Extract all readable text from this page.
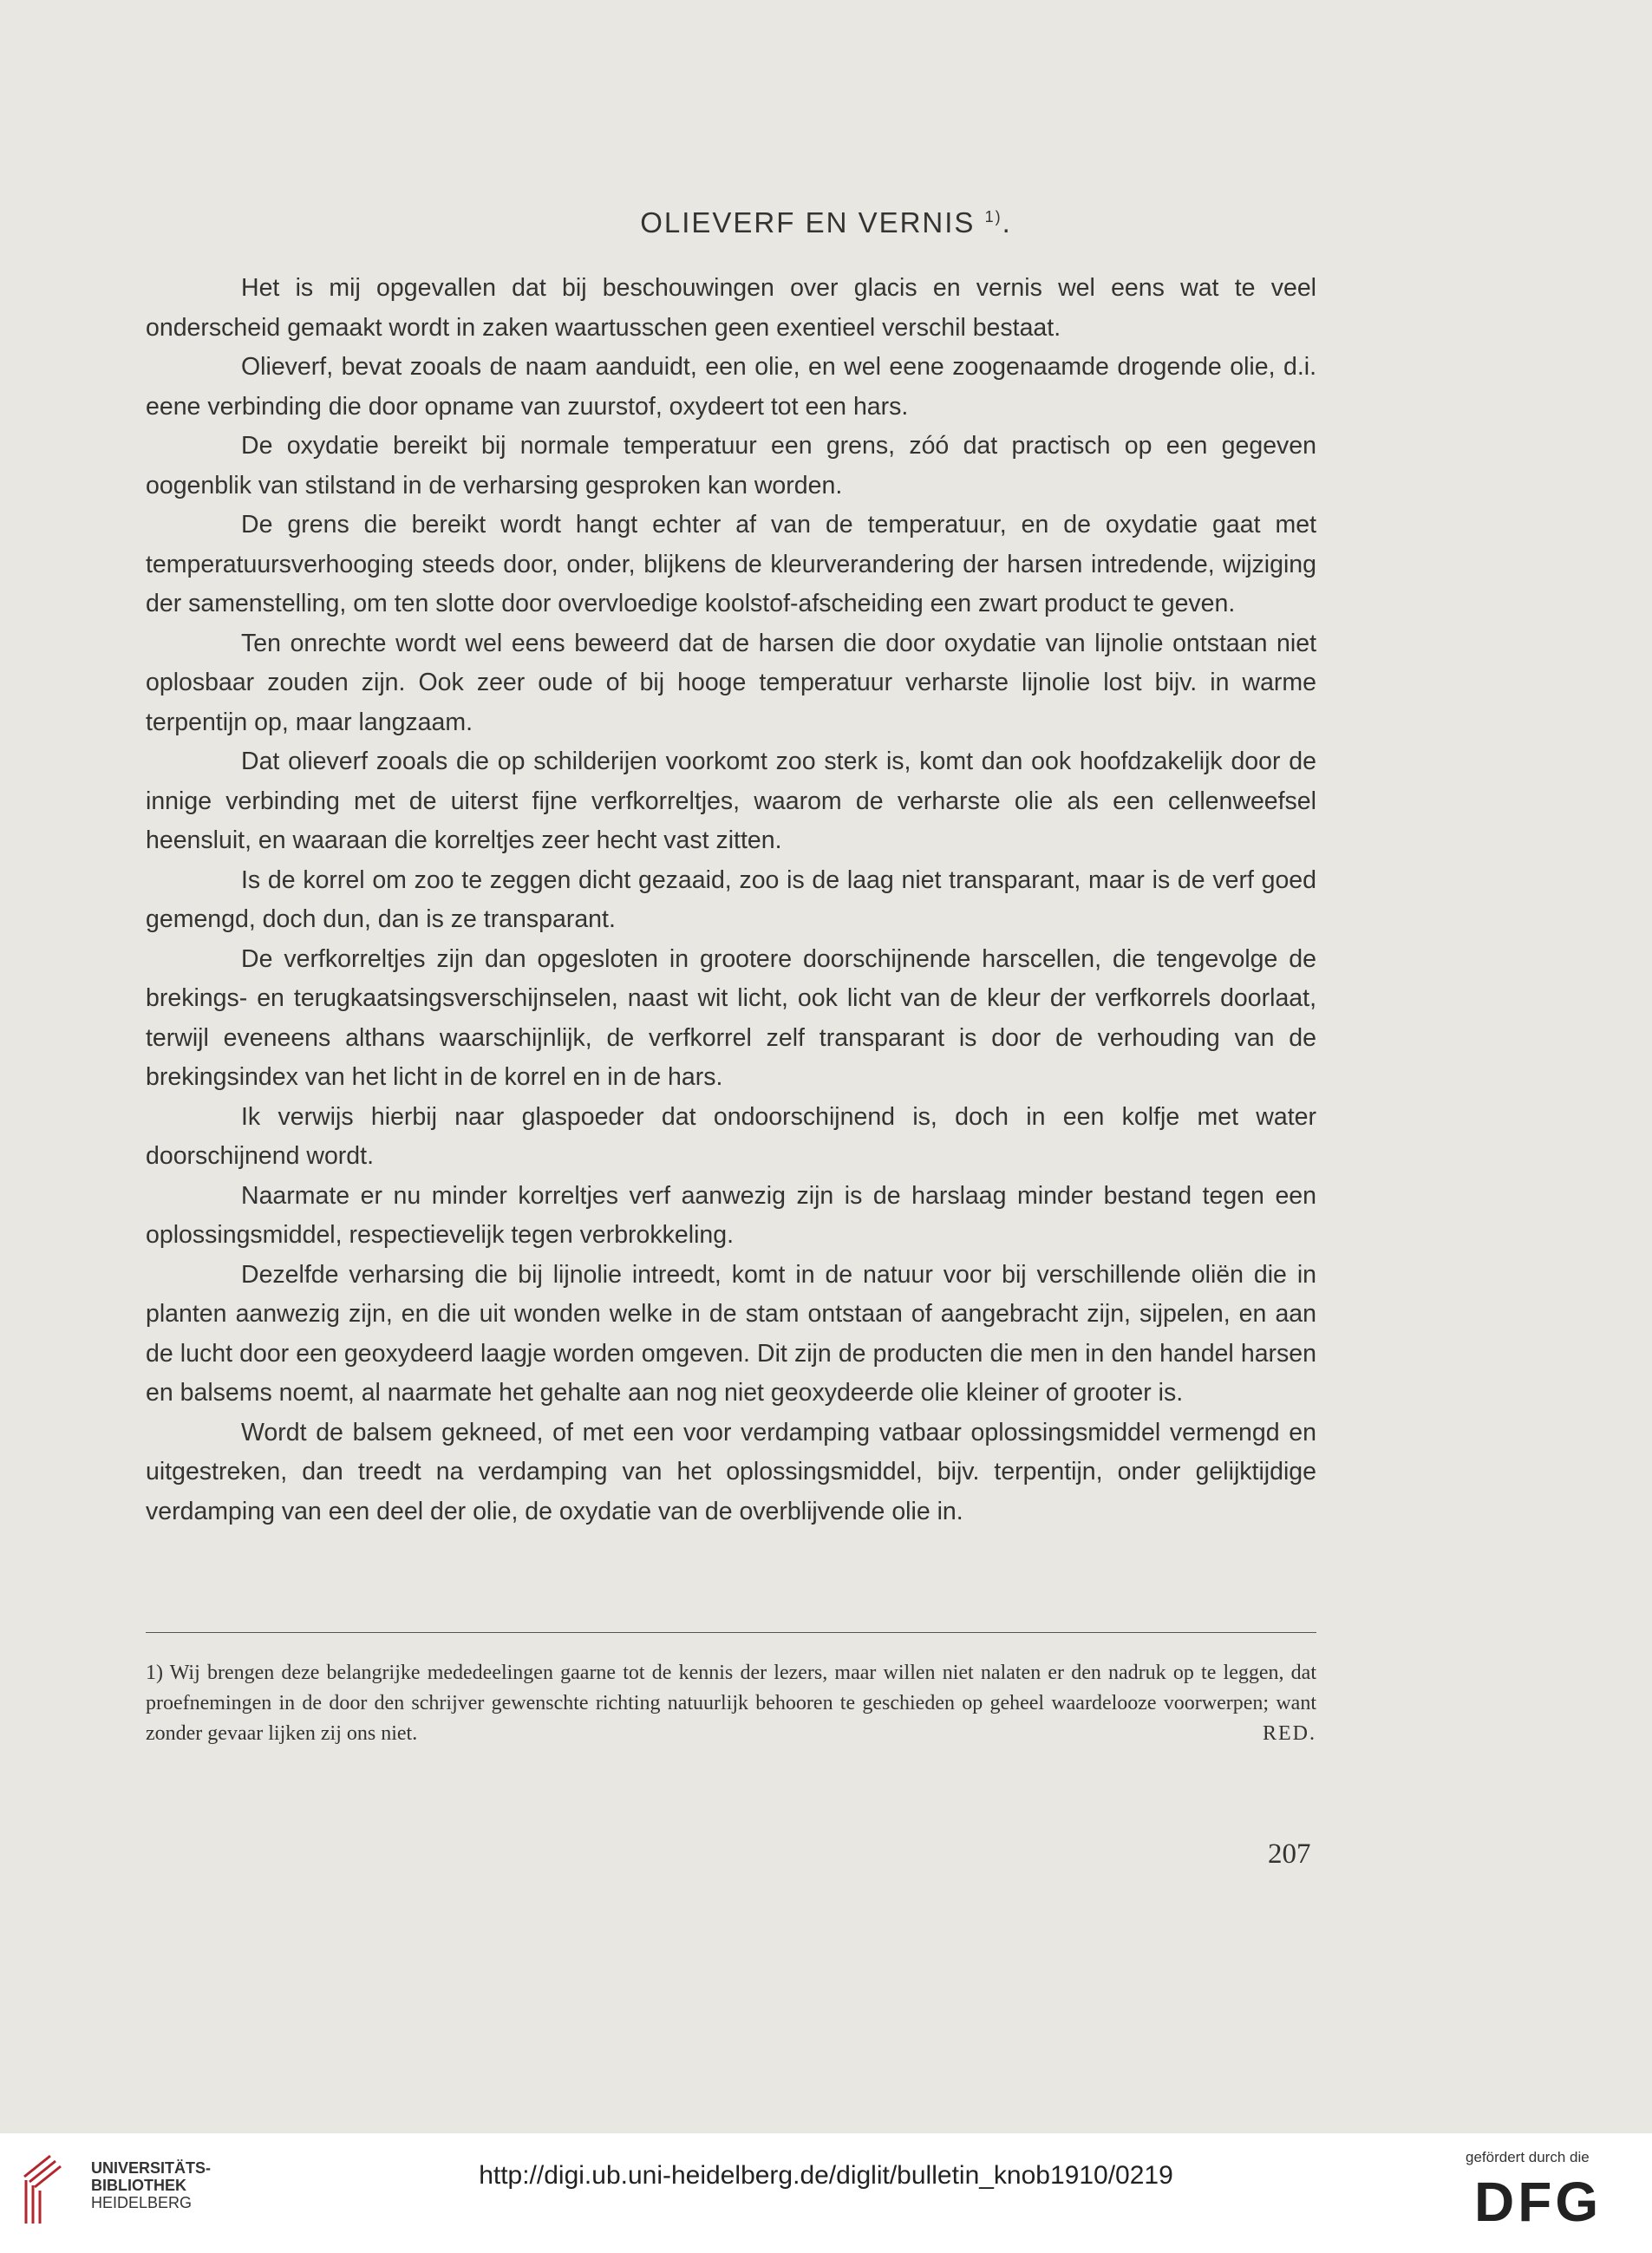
OLIEVERF EN VERNIS $^{1)}$.

Het is mij opgevallen dat bij beschouwingen over glacis en vernis wel eens wat te veel onderscheid gemaakt wordt in zaken waartusschen geen exentieel verschil bestaat.

Olieverf, bevat zooals de naam aanduidt, een olie, en wel eene zoogenaamde drogende olie, d.i. eene verbinding die door opname van zuurstof, oxydeert tot een hars.

De oxydatie bereikt bij normale temperatuur een grens, zóó dat practisch op een gegeven oogenblik van stilstand in de verharsing gesproken kan worden.

De grens die bereikt wordt hangt echter af van de temperatuur, en de oxydatie gaat met temperatuursverhooging steeds door, onder, blijkens de kleurverandering der harsen intredende, wijziging der samenstelling, om ten slotte door overvloedige koolstof-afscheiding een zwart product te geven.

Ten onrechte wordt wel eens beweerd dat de harsen die door oxydatie van lijnolie ontstaan niet oplosbaar zouden zijn. Ook zeer oude of bij hooge temperatuur verharste lijnolie lost bijv. in warme terpentijn op, maar langzaam.

Dat olieverf zooals die op schilderijen voorkomt zoo sterk is, komt dan ook hoofdzakelijk door de innige verbinding met de uiterst fijne verfkorreltjes, waarom de verharste olie als een cellenweefsel heensluit, en waaraan die korreltjes zeer hecht vast zitten.

Is de korrel om zoo te zeggen dicht gezaaid, zoo is de laag niet transparant, maar is de verf goed gemengd, doch dun, dan is ze transparant.

De verfkorreltjes zijn dan opgesloten in grootere doorschijnende harscellen, die tengevolge de brekings- en terugkaatsingsverschijnselen, naast wit licht, ook licht van de kleur der verfkorrels doorlaat, terwijl eveneens althans waarschijnlijk, de verfkorrel zelf transparant is door de verhouding van de brekingsindex van het licht in de korrel en in de hars.

Ik verwijs hierbij naar glaspoeder dat ondoorschijnend is, doch in een kolfje met water doorschijnend wordt.

Naarmate er nu minder korreltjes verf aanwezig zijn is de harslaag minder bestand tegen een oplossingsmiddel, respectievelijk tegen verbrokkeling.

Dezelfde verharsing die bij lijnolie intreedt, komt in de natuur voor bij verschillende oliën die in planten aanwezig zijn, en die uit wonden welke in de stam ontstaan of aangebracht zijn, sijpelen, en aan de lucht door een geoxydeerd laagje worden omgeven. Dit zijn de producten die men in den handel harsen en balsems noemt, al naarmate het gehalte aan nog niet geoxydeerde olie kleiner of grooter is.

Wordt de balsem gekneed, of met een voor verdamping vatbaar oplossingsmiddel vermengd en uitgestreken, dan treedt na verdamping van het oplossingsmiddel, bijv. terpentijn, onder gelijktijdige verdamping van een deel der olie, de oxydatie van de overblijvende olie in.

1) Wij brengen deze belangrijke mededeelingen gaarne tot de kennis der lezers, maar willen niet nalaten er den nadruk op te leggen, dat proefnemingen in de door den schrijver gewenschte richting natuurlijk behooren te geschieden op geheel waardelooze voorwerpen; want zonder gevaar lijken zij ons niet.	RED.
207
UNIVERSITÄTS-
BIBLIOTHEK
HEIDELBERG
http://digi.ub.uni-heidelberg.de/diglit/bulletin_knob1910/0219
gefördert durch die
DFG
